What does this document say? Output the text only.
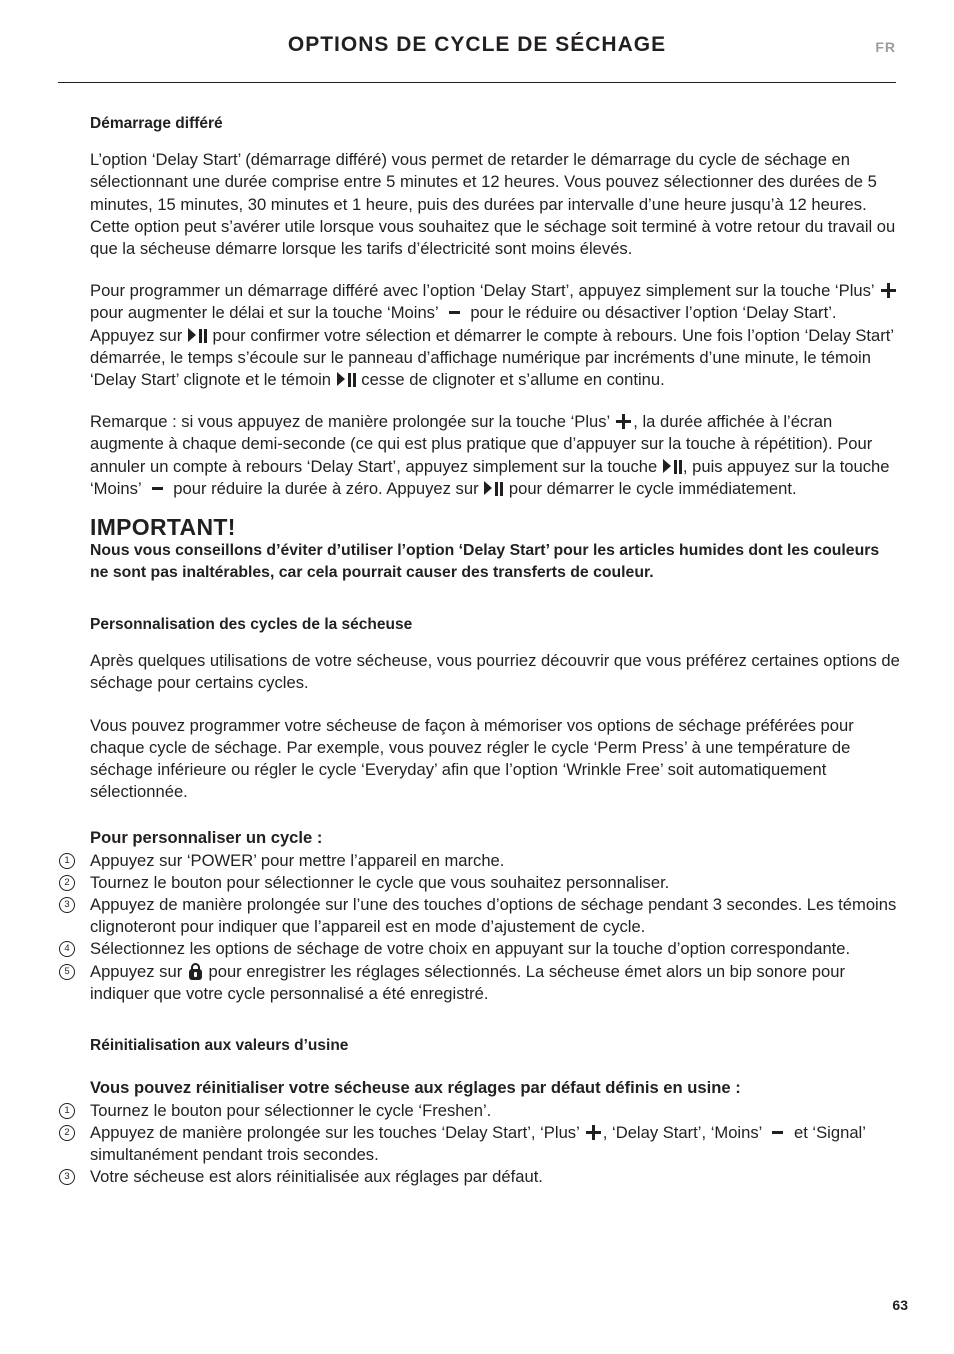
OPTIONS DE CYCLE DE SÉCHAGE	FR
Démarrage différé

L’option ‘Delay Start’ (démarrage différé) vous permet de retarder le démarrage du cycle de séchage en sélectionnant une durée comprise entre 5 minutes et 12 heures. Vous pouvez sélectionner des durées de 5 minutes, 15 minutes, 30 minutes et 1 heure, puis des durées par intervalle d’une heure jusqu’à 12 heures. Cette option peut s’avérer utile lorsque vous souhaitez que le séchage soit terminé à votre retour du travail ou que la sécheuse démarre lorsque les tarifs d’électricité sont moins élevés.

Pour programmer un démarrage différé avec l’option ‘Delay Start’, appuyez simplement sur la touche ‘Plus’  pour augmenter le délai et sur la touche ‘Moins’ pour le réduire ou désactiver l’option ‘Delay Start’. Appuyez sur pour confirmer votre sélection et démarrer le compte à rebours. Une fois l’option ‘Delay Start’ démarrée, le temps s’écoule sur le panneau d’affichage numérique par incréments d’une minute, le témoin ‘Delay Start’ clignote et le témoin cesse de clignoter et s’allume en continu.

Remarque : si vous appuyez de manière prolongée sur la touche ‘Plus’ , la durée affichée à l’écran augmente à chaque demi-seconde (ce qui est plus pratique que d’appuyer sur la touche à répétition). Pour annuler un compte à rebours ‘Delay Start’, appuyez simplement sur la touche , puis appuyez sur la touche ‘Moins’ pour réduire la durée à zéro. Appuyez sur pour démarrer le cycle immédiatement.

IMPORTANT!

Nous vous conseillons d’éviter d’utiliser l’option ‘Delay Start’ pour les articles humides dont les couleurs ne sont pas inaltérables, car cela pourrait causer des transferts de couleur.

Personnalisation des cycles de la sécheuse

Après quelques utilisations de votre sécheuse, vous pourriez découvrir que vous préférez certaines options de séchage pour certains cycles.

Vous pouvez programmer votre sécheuse de façon à mémoriser vos options de séchage préférées pour chaque cycle de séchage. Par exemple, vous pouvez régler le cycle ‘Perm Press’ à une température de séchage inférieure ou régler le cycle ‘Everyday’ afin que l’option ‘Wrinkle Free’ soit automatiquement sélectionnée.

Pour personnaliser un cycle :
1	Appuyez sur ‘POWER’ pour mettre l’appareil en marche.
2	Tournez le bouton pour sélectionner le cycle que vous souhaitez personnaliser.
3	Appuyez de manière prolongée sur l’une des touches d’options de séchage pendant 3 secondes. Les témoins clignoteront pour indiquer que l’appareil est en mode d’ajustement de cycle.
4	Sélectionnez les options de séchage de votre choix en appuyant sur la touche d’option correspondante.
5	Appuyez sur pour enregistrer les réglages sélectionnés. La sécheuse émet alors un bip sonore pour indiquer que votre cycle personnalisé a été enregistré.
Réinitialisation aux valeurs d’usine
Vous pouvez réinitialiser votre sécheuse aux réglages par défaut définis en usine :
1	Tournez le bouton pour sélectionner le cycle ‘Freshen’.
2	Appuyez de manière prolongée sur les touches ‘Delay Start’, ‘Plus’ , ‘Delay Start’, ‘Moins’ et ‘Signal’ simultanément pendant trois secondes.
3	Votre sécheuse est alors réinitialisée aux réglages par défaut.
63
